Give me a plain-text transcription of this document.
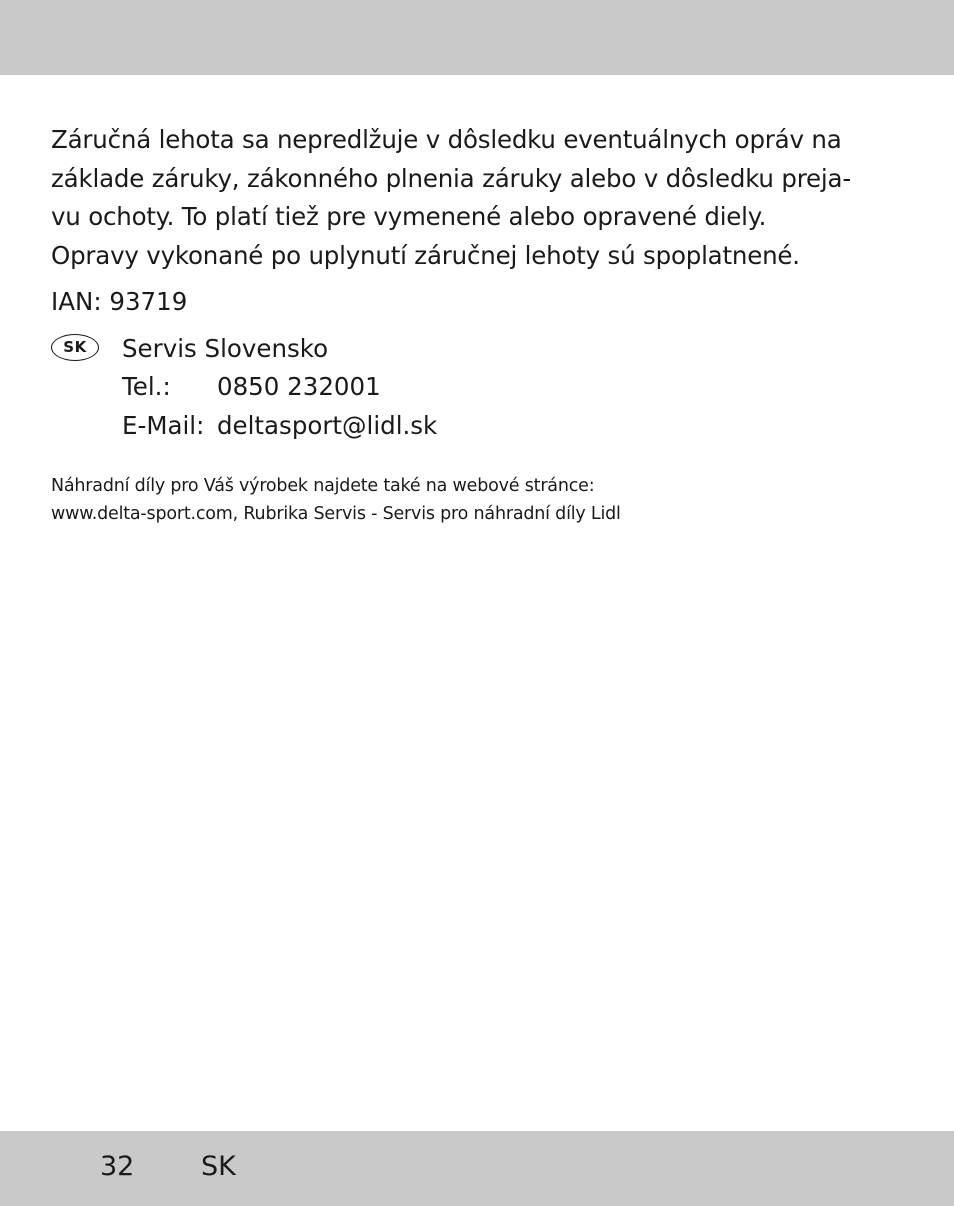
Záručná lehota sa nepredlžuje v dôsledku eventuálnych opráv na
základe záruky, zákonného plnenia záruky alebo v dôsledku preja-
vu ochoty. To platí tiež pre vymenené alebo opravené diely.
Opravy vykonané po uplynutí záručnej lehoty sú spoplatnené.

IAN: 93719

SK	Servis Slovensko
Tel.:	0850 232001
E-Mail: deltasport@lidl.sk
Náhradní díly pro Váš výrobek najdete také na webové stránce:
www.delta-sport.com, Rubrika Servis - Servis pro náhradní díly Lidl
32 SK
